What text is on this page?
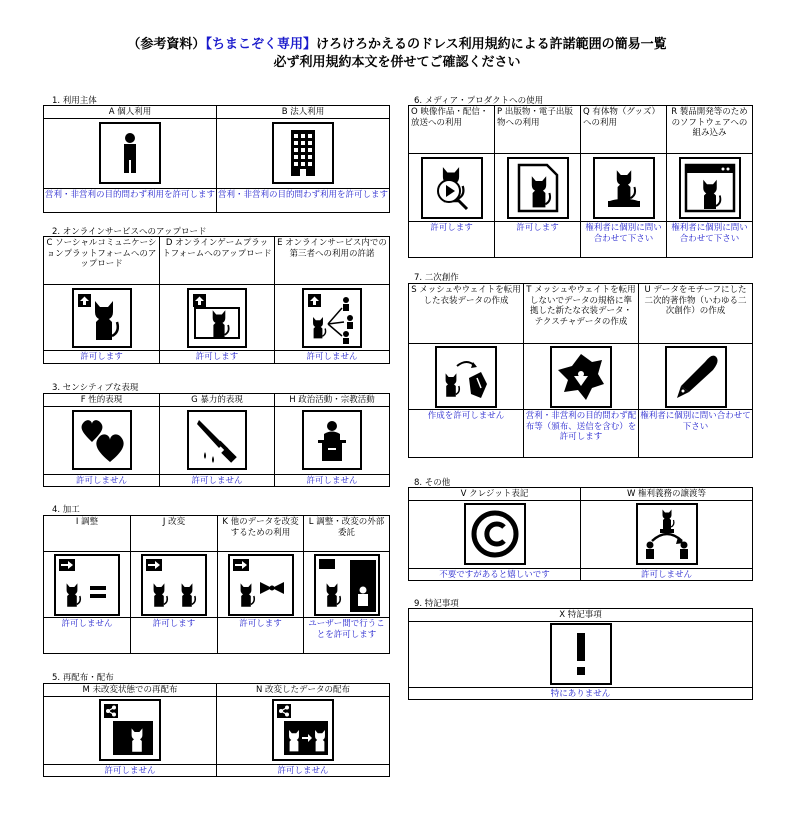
（参考資料）【ちまこぞく専用】けろけろかえるのドレス利用規約による許諾範囲の簡易一覧
必ず利用規約本文を併せてご確認ください
1. 利用主体
A 個人利用	B 法人利用

営利・非営利の目的問わず利用を許可します	営利・非営利の目的問わず利用を許可します
2. オンラインサービスへのアップロード
C ソーシャルコミュニケーションプラットフォームへのアップロード	D オンラインゲームプラットフォームへのアップロード	E オンラインサービス内での第三者への利用の許諾

許可します	許可します	許可しません
3. センシティブな表現
F 性的表現	G 暴力的表現	H 政治活動・宗教活動

許可しません	許可しません	許可しません
4. 加工
I 調整	J 改変	K 他のデータを改変するための利用	L 調整・改変の外部委託

許可しません	許可します	許可します	ユーザー間で行うことを許可します
5. 再配布・配布
M 未改変状態での再配布	N 改変したデータの配布

許可しません	許可しません
6. メディア・プロダクトへの使用
O 映像作品・配信・放送への利用	P 出版物・電子出版物への利用	Q 有体物（グッズ）への利用	R 製品開発等のためのソフトウェアへの組み込み

許可します	許可します	権利者に個別に問い合わせて下さい	権利者に個別に問い合わせて下さい
7. 二次創作
S メッシュやウェイトを転用した衣装データの作成	T メッシュやウェイトを転用しないでデータの規格に準拠した新たな衣装データ・テクスチャデータの作成	U データをモチーフにした二次的著作物（いわゆる二次創作）の作成

作成を許可しません	営利・非営利の目的問わず配布等（頒布、送信を含む）を許可します	権利者に個別に問い合わせて下さい
8. その他
V クレジット表記	W 権利義務の譲渡等

不要ですがあると嬉しいです	許可しません
9. 特記事項
X 特記事項

特にありません
